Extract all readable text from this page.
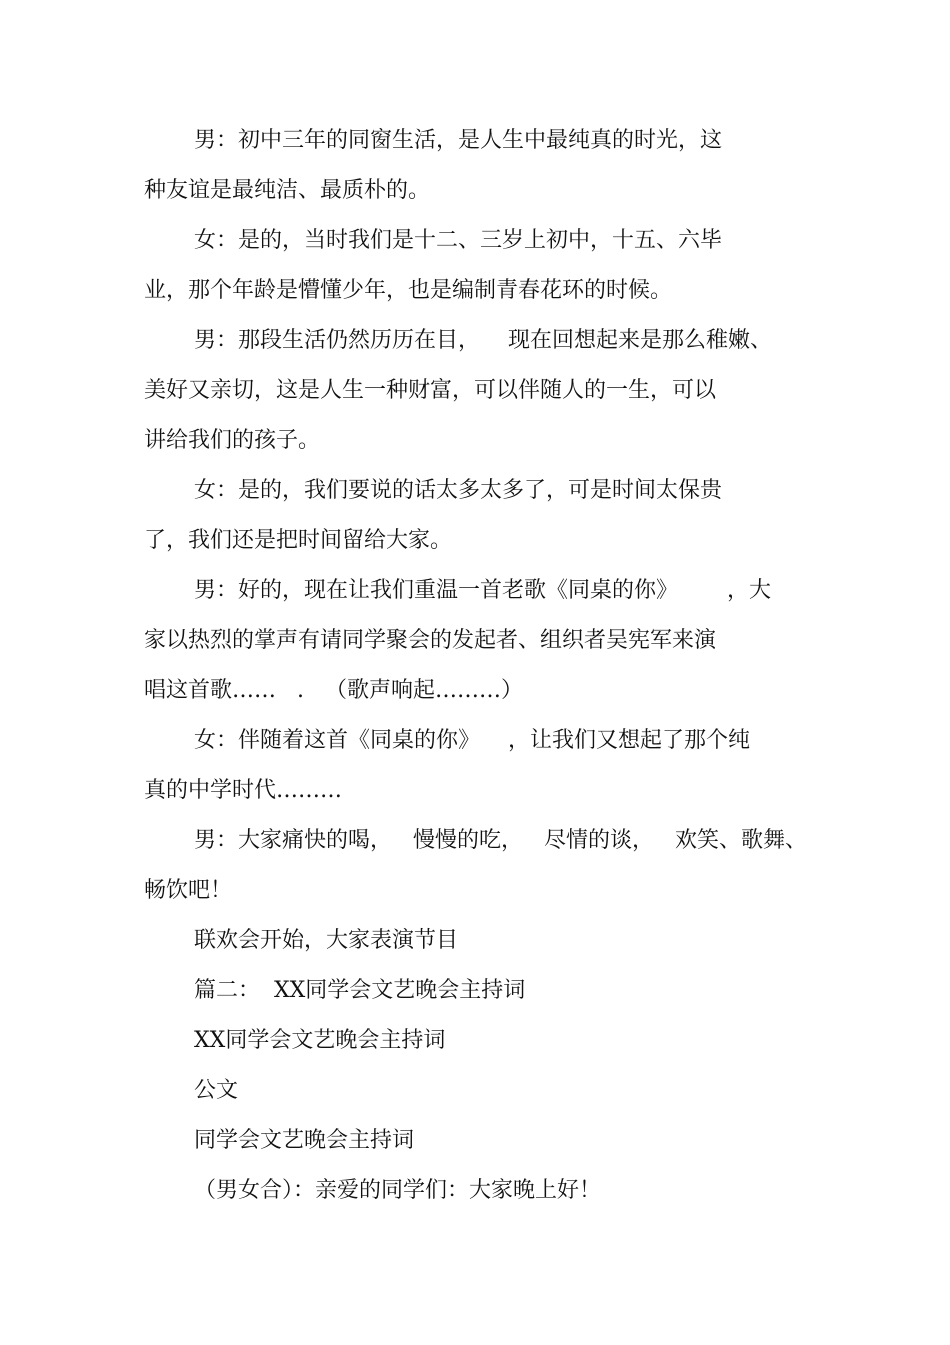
男：初中三年的同窗生活，是人生中最纯真的时光，这
种友谊是最纯洁、最质朴的。
女：是的，当时我们是十二、三岁上初中，十五、六毕
业，那个年龄是懵懂少年，也是编制青春花环的时候。
男：那段生活仍然历历在目，    现在回想起来是那么稚嫩、
美好又亲切，这是人生一种财富，可以伴随人的一生，可以
讲给我们的孩子。
女：是的，我们要说的话太多太多了，可是时间太保贵
了，我们还是把时间留给大家。
男：好的，现在让我们重温一首老歌《同桌的你》       ，大
家以热烈的掌声有请同学聚会的发起者、组织者吴宪军来演
唱这首歌……   .   （歌声响起………）
女：伴随着这首《同桌的你》    ，让我们又想起了那个纯
真的中学时代………
男：大家痛快的喝，   慢慢的吃，   尽情的谈，   欢笑、歌舞、
畅饮吧！
联欢会开始，大家表演节目
篇二：  XX同学会文艺晚会主持词
XX同学会文艺晚会主持词
公文
同学会文艺晚会主持词
（男女合）：亲爱的同学们：大家晚上好！
